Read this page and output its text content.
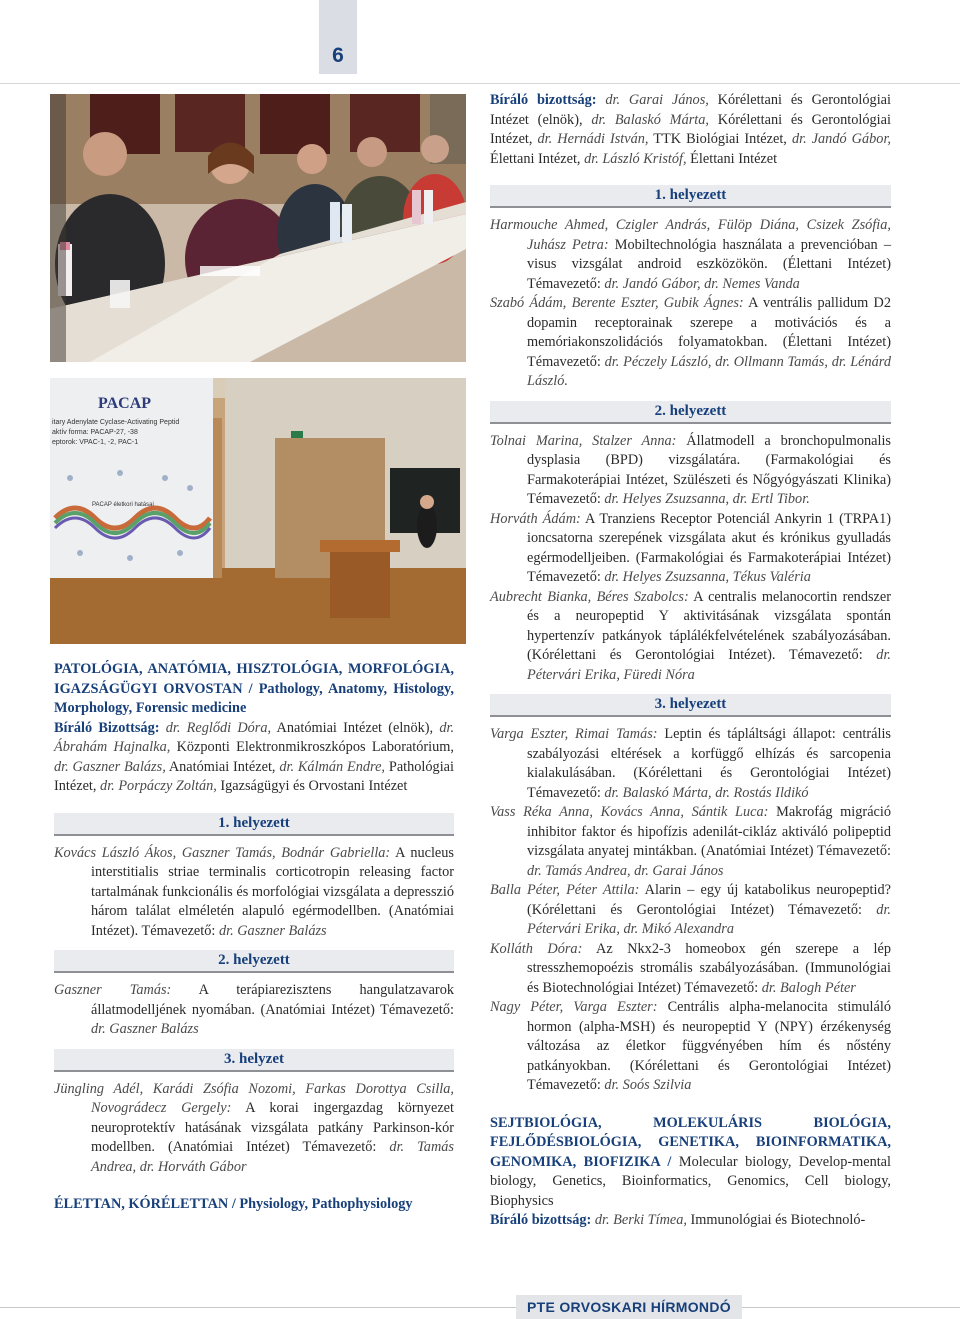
6
PACAP
itary Adenylate Cyclase-Activating Peptid
aktív forma: PACAP-27, -38
eptorok: VPAC-1, -2, PAC-1
PACAP életkori hatásai

PATOLÓGIA, ANATÓMIA, HISZTOLÓGIA, MORFOLÓGIA, IGAZSÁGÜGYI ORVOSTAN / Pathology, Anatomy, Histology, Morphology, Forensic medicine

Bíráló Bizottság: dr. Reglődi Dóra, Anatómiai Intézet (elnök), dr. Ábrahám Hajnalka, Központi Elektronmikroszkópos Laboratórium, dr. Gaszner Balázs, Anatómiai Intézet, dr. Kálmán Endre, Pathológiai Intézet, dr. Porpáczy Zoltán, Igazságügyi és Orvostani Intézet

1. helyezett

Kovács László Ákos, Gaszner Tamás, Bodnár Gabriella: A nucleus interstitialis striae terminalis corticotropin releasing factor tartalmának funkcionális és morfológiai vizsgálata a depresszió három találat elméletén alapuló egérmodellben. (Anatómiai Intézet). Témavezető: dr. Gaszner Balázs

2. helyezett

Gaszner Tamás: A terápiarezisztens hangulatzavarok állatmodelljének nyomában. (Anatómiai Intézet) Témavezető: dr. Gaszner Balázs

3. helyzet

Jüngling Adél, Karádi Zsófia Nozomi, Farkas Dorottya Csilla, Novográdecz Gergely: A korai ingergazdag környezet neuroprotektív hatásának vizsgálata patkány Parkinson-kór modellben. (Anatómiai Intézet) Témavezető: dr. Tamás Andrea, dr. Horváth Gábor

ÉLETTAN, KÓRÉLETTAN / Physiology, Pathophysiology

Bíráló bizottság: dr. Garai János, Kórélettani és Gerontológiai Intézet (elnök), dr. Balaskó Márta, Kórélettani és Gerontológiai Intézet, dr. Hernádi István, TTK Biológiai Intézet, dr. Jandó Gábor, Élettani Intézet, dr. László Kristóf, Élettani Intézet

1. helyezett

Harmouche Ahmed, Czigler András, Fülöp Diána, Csizek Zsófia, Juhász Petra: Mobiltechnológia használata a prevencióban – visus vizsgálat android eszközökön. (Élettani Intézet) Témavezető: dr. Jandó Gábor, dr. Nemes Vanda

Szabó Ádám, Berente Eszter, Gubik Ágnes: A ventrális pallidum D2 dopamin receptorainak szerepe a motivációs és a memóriakonszolidációs folyamatokban. (Élettani Intézet) Témavezető: dr. Péczely László, dr. Ollmann Tamás, dr. Lénárd László.

2. helyezett

Tolnai Marina, Stalzer Anna: Állatmodell a bronchopulmonalis dysplasia (BPD) vizsgálatára. (Farmakológiai és Farmakoterápiai Intézet, Szülészeti és Nőgyógyászati Klinika) Témavezető: dr. Helyes Zsuzsanna, dr. Ertl Tibor.

Horváth Ádám: A Tranziens Receptor Potenciál Ankyrin 1 (TRPA1) ioncsatorna szerepének vizsgálata akut és krónikus gyulladás egérmodelljeiben. (Farmakológiai és Farmakoterápiai Intézet) Témavezető: dr. Helyes Zsuzsanna, Tékus Valéria

Aubrecht Bianka, Béres Szabolcs: A centralis melanocortin rendszer és a neuropeptid Y aktivitásának vizsgálata spontán hypertenzív patkányok táplálékfelvételének szabályozásában. (Kórélettani és Gerontológiai Intézet). Témavezető: dr. Pétervári Erika, Füredi Nóra

3. helyezett

Varga Eszter, Rimai Tamás: Leptin és tápláltsági állapot: centrális szabályozási eltérések a korfüggő elhízás és sarcopenia kialakulásában. (Kórélettani és Gerontológiai Intézet) Témavezető: dr. Balaskó Márta, dr. Rostás Ildikó

Vass Réka Anna, Kovács Anna, Sántik Luca: Makrofág migráció inhibitor faktor és hipofízis adenilát-cikláz aktiváló polipeptid vizsgálata anyatej mintákban. (Anatómiai Intézet) Témavezető: dr. Tamás Andrea, dr. Garai János

Balla Péter, Péter Attila: Alarin – egy új katabolikus neuropeptid? (Kórélettani és Gerontológiai Intézet) Témavezető: dr. Pétervári Erika, dr. Mikó Alexandra

Kolláth Dóra: Az Nkx2-3 homeobox gén szerepe a lép stresszhemopoézis stromális szabályozásában. (Immunológiai és Biotechnológiai Intézet) Témavezető: dr. Balogh Péter

Nagy Péter, Varga Eszter: Centrális alpha-melanocita stimuláló hormon (alpha-MSH) és neuropeptid Y (NPY) érzékenység változása az életkor függvényében hím és nőstény patkányokban. (Kórélettani és Gerontológiai Intézet) Témavezető: dr. Soós Szilvia

SEJTBIOLÓGIA, MOLEKULÁRIS BIOLÓGIA, FEJLŐDÉSBIOLÓGIA, GENETIKA, BIOINFORMATIKA, GENOMIKA, BIOFIZIKA / Molecular biology, Develop-mental biology, Genetics, Bioinformatics, Genomics, Cell biology, Biophysics

Bíráló bizottság: dr. Berki Tímea, Immunológiai és Biotechnoló-

PTE ORVOSKARI HÍRMONDÓ
